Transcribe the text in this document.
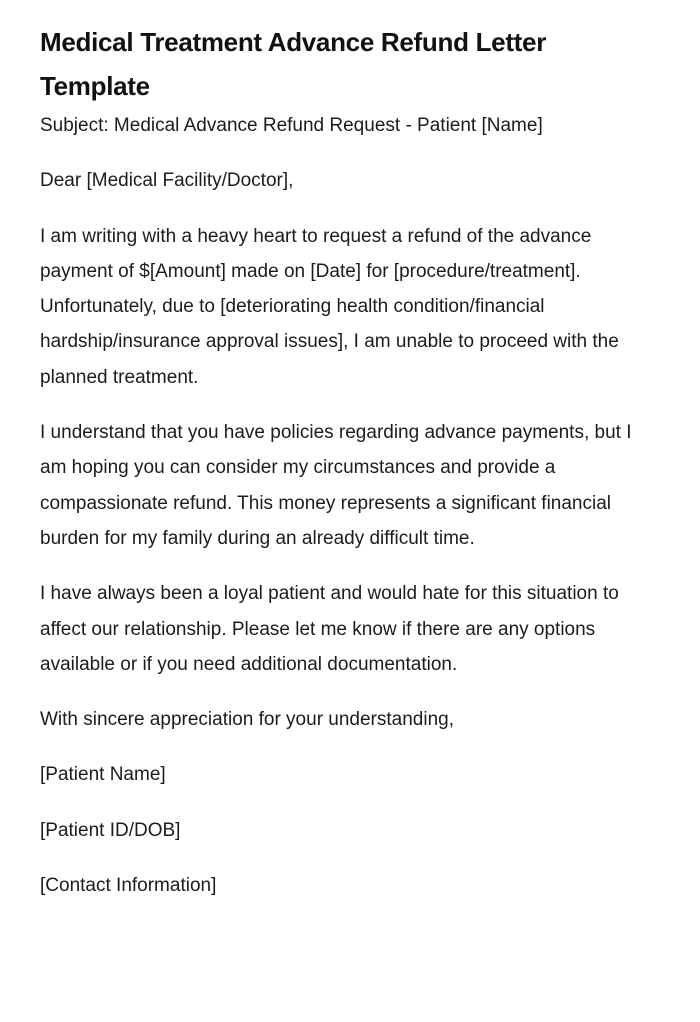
Medical Treatment Advance Refund Letter Template

Subject: Medical Advance Refund Request - Patient [Name]

Dear [Medical Facility/Doctor],

I am writing with a heavy heart to request a refund of the advance payment of $[Amount] made on [Date] for [procedure/treatment]. Unfortunately, due to [deteriorating health condition/financial hardship/insurance approval issues], I am unable to proceed with the planned treatment.

I understand that you have policies regarding advance payments, but I am hoping you can consider my circumstances and provide a compassionate refund. This money represents a significant financial burden for my family during an already difficult time.

I have always been a loyal patient and would hate for this situation to affect our relationship. Please let me know if there are any options available or if you need additional documentation.

With sincere appreciation for your understanding,

[Patient Name]

[Patient ID/DOB]

[Contact Information]
